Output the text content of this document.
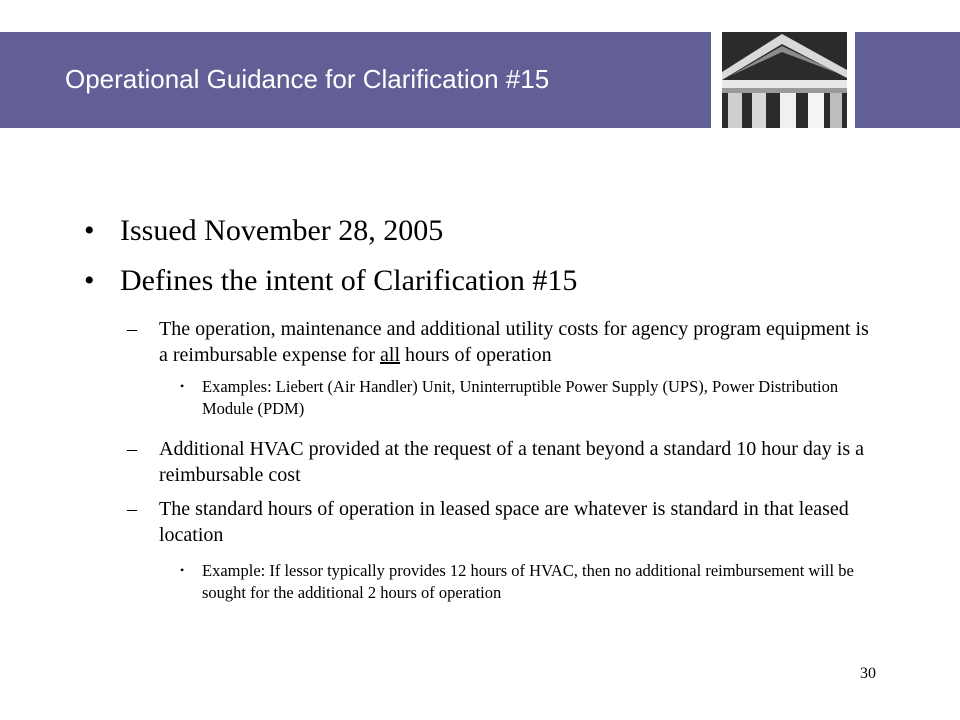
Operational Guidance for Clarification #15
• Issued November 28, 2005
• Defines the intent of Clarification #15
– The operation, maintenance and additional utility costs for agency program equipment is a reimbursable expense for all hours of operation
• Examples: Liebert (Air Handler) Unit, Uninterruptible Power Supply (UPS), Power Distribution Module (PDM)
– Additional HVAC provided at the request of a tenant beyond a standard 10 hour day is a reimbursable cost
– The standard hours of operation in leased space are whatever is standard in that leased location
• Example: If lessor typically provides 12 hours of HVAC, then no additional reimbursement will be sought for the additional 2 hours of operation
30
